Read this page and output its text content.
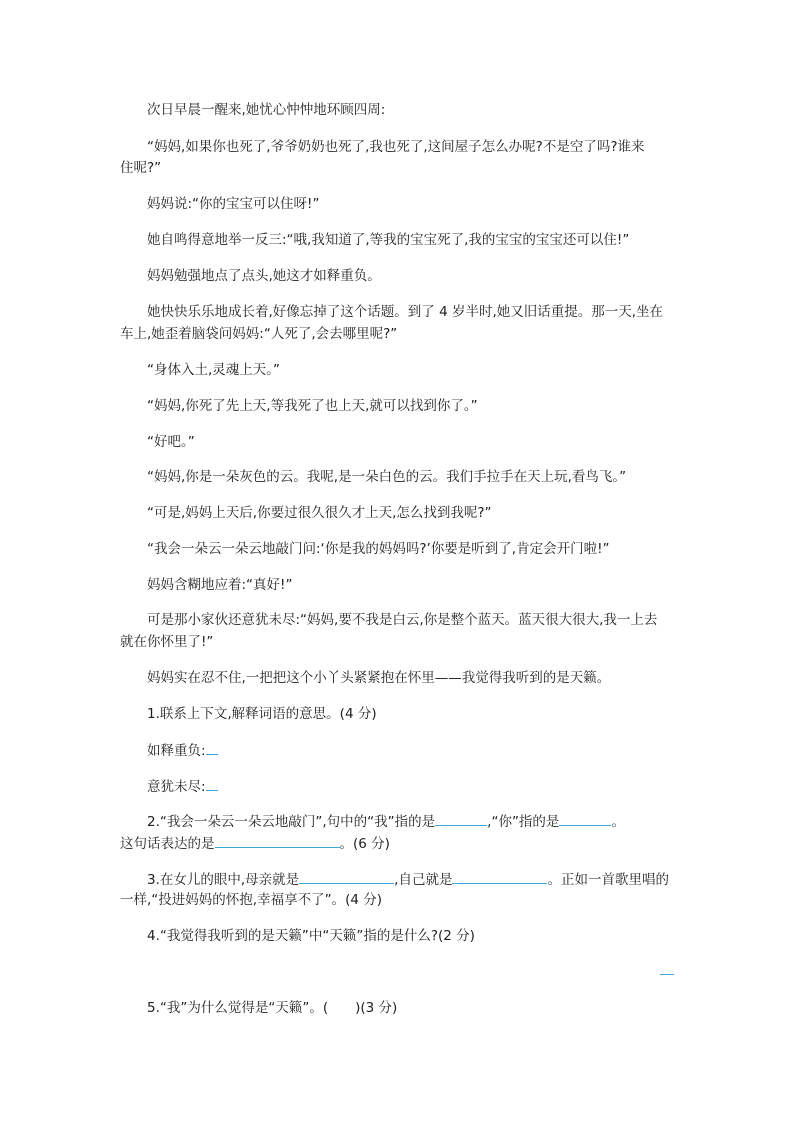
次日早晨一醒来,她忧心忡忡地环顾四周:

“妈妈,如果你也死了,爷爷奶奶也死了,我也死了,这间屋子怎么办呢?不是空了吗?谁来

住呢?”

妈妈说:“你的宝宝可以住呀!”

她自鸣得意地举一反三:“哦,我知道了,等我的宝宝死了,我的宝宝的宝宝还可以住!”

妈妈勉强地点了点头,她这才如释重负。

她快快乐乐地成长着,好像忘掉了这个话题。到了 4 岁半时,她又旧话重提。那一天,坐在

车上,她歪着脑袋问妈妈:“人死了,会去哪里呢?”

“身体入土,灵魂上天。”

“妈妈,你死了先上天,等我死了也上天,就可以找到你了。”

“好吧。”

“妈妈,你是一朵灰色的云。我呢,是一朵白色的云。我们手拉手在天上玩,看鸟飞。”

“可是,妈妈上天后,你要过很久很久才上天,怎么找到我呢?”

“我会一朵云一朵云地敲门问:‘你是我的妈妈吗?’你要是听到了,肯定会开门啦!”

妈妈含糊地应着:“真好!”

可是那小家伙还意犹未尽:“妈妈,要不我是白云,你是整个蓝天。蓝天很大很大,我一上去

就在你怀里了!”

妈妈实在忍不住,一把把这个小丫头紧紧抱在怀里——我觉得我听到的是天籁。

1.联系上下文,解释词语的意思。(4 分)

如释重负:

意犹未尽:

2.“我会一朵云一朵云地敲门”,句中的“我”指的是	,“你”指的是	。

这句话表达的是	。(6 分)

3.在女儿的眼中,母亲就是	,自己就是	。正如一首歌里唱的

一样,“投进妈妈的怀抱,幸福享不了”。(4 分)

4.“我觉得我听到的是天籁”中“天籁”指的是什么?(2 分)

5.“我”为什么觉得是“天籁”。(　　)(3 分)
